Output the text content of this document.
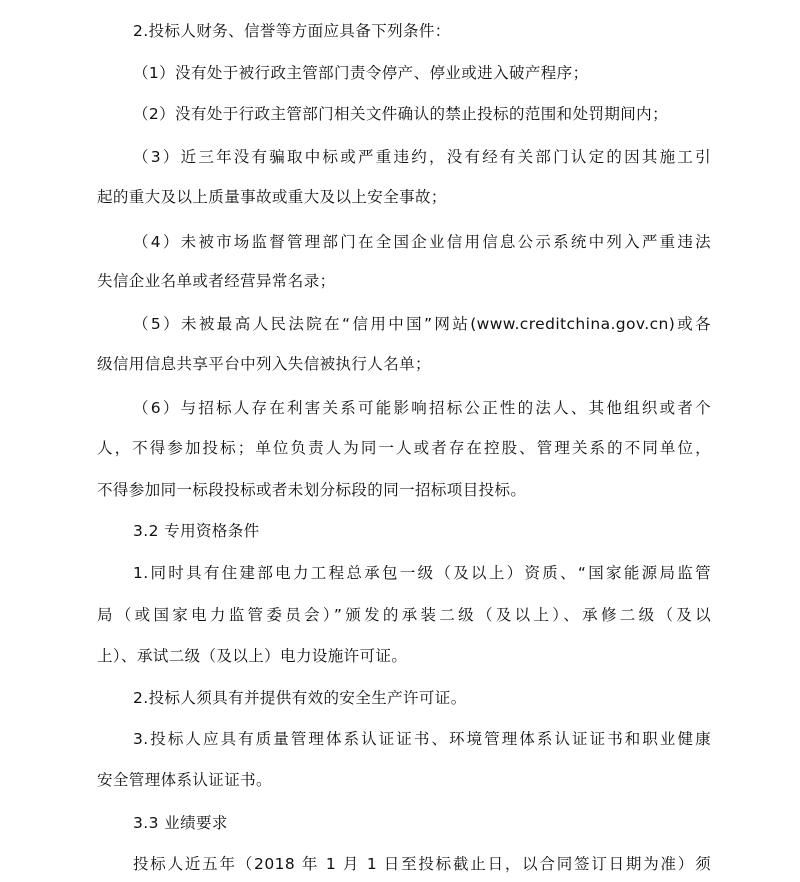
2.投标人财务、信誉等方面应具备下列条件：
（1）没有处于被行政主管部门责令停产、停业或进入破产程序；
（2）没有处于行政主管部门相关文件确认的禁止投标的范围和处罚期间内；
（3）近三年没有骗取中标或严重违约，没有经有关部门认定的因其施工引
起的重大及以上质量事故或重大及以上安全事故；
（4）未被市场监督管理部门在全国企业信用信息公示系统中列入严重违法
失信企业名单或者经营异常名录；
（5）未被最高人民法院在“信用中国”网站(www.creditchina.gov.cn)或各
级信用信息共享平台中列入失信被执行人名单；
（6）与招标人存在利害关系可能影响招标公正性的法人、其他组织或者个
人，不得参加投标；单位负责人为同一人或者存在控股、管理关系的不同单位，
不得参加同一标段投标或者未划分标段的同一招标项目投标。
3.2 专用资格条件
1.同时具有住建部电力工程总承包一级（及以上）资质、“国家能源局监管
局（或国家电力监管委员会）”颁发的承装二级（及以上）、承修二级（及以
上）、承试二级（及以上）电力设施许可证。
2.投标人须具有并提供有效的安全生产许可证。
3.投标人应具有质量管理体系认证证书、环境管理体系认证证书和职业健康
安全管理体系认证证书。
3.3 业绩要求
投标人近五年（2018 年 1 月 1 日至投标截止日，以合同签订日期为准）须
